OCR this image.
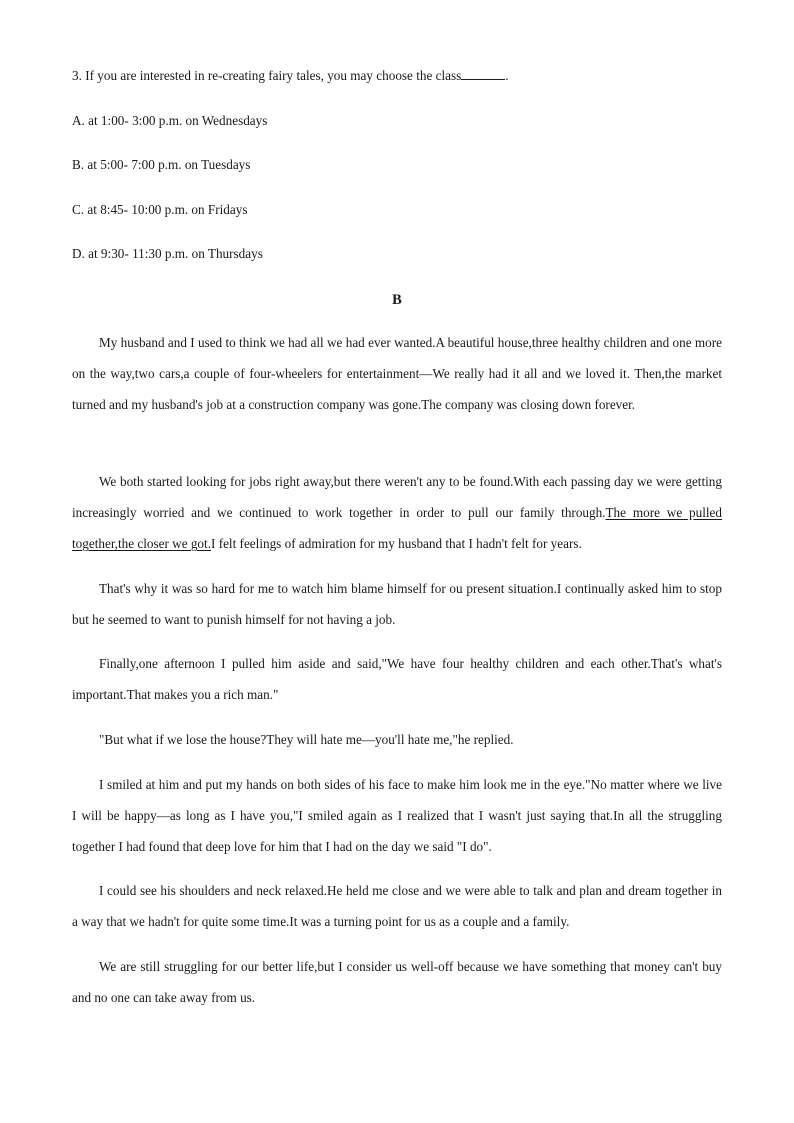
3. If you are interested in re-creating fairy tales, you may choose the class	.
A. at 1:00- 3:00 p.m. on Wednesdays
B. at 5:00- 7:00 p.m. on Tuesdays
C. at 8:45- 10:00 p.m. on Fridays
D. at 9:30- 11:30 p.m. on Thursdays
B

My husband and I used to think we had all we had ever wanted.A beautiful house,three healthy children and one more on the way,two cars,a couple of four-wheelers for entertainment—We really had it all and we loved it. Then,the market turned and my husband's job at a construction company was gone.The company was closing down forever.

We both started looking for jobs right away,but there weren't any to be found.With each passing day we were getting increasingly worried and we continued to work together in order to pull our family through.The more we pulled together,the closer we got.I felt feelings of admiration for my husband that I hadn't felt for years.

That's why it was so hard for me to watch him blame himself for ou present situation.I continually asked him to stop but he seemed to want to punish himself for not having a job.

Finally,one afternoon I pulled him aside and said,"We have four healthy children and each other.That's what's important.That makes you a rich man."

"But what if we lose the house?They will hate me—you'll hate me,"he replied.

I smiled at him and put my hands on both sides of his face to make him look me in the eye."No matter where we live I will be happy—as long as I have you,"I smiled again as I realized that I wasn't just saying that.In all the struggling together I had found that deep love for him that I had on the day we said "I do".

I could see his shoulders and neck relaxed.He held me close and we were able to talk and plan and dream together in a way that we hadn't for quite some time.It was a turning point for us as a couple and a family.

We are still struggling for our better life,but I consider us well-off because we have something that money can't buy and no one can take away from us.
